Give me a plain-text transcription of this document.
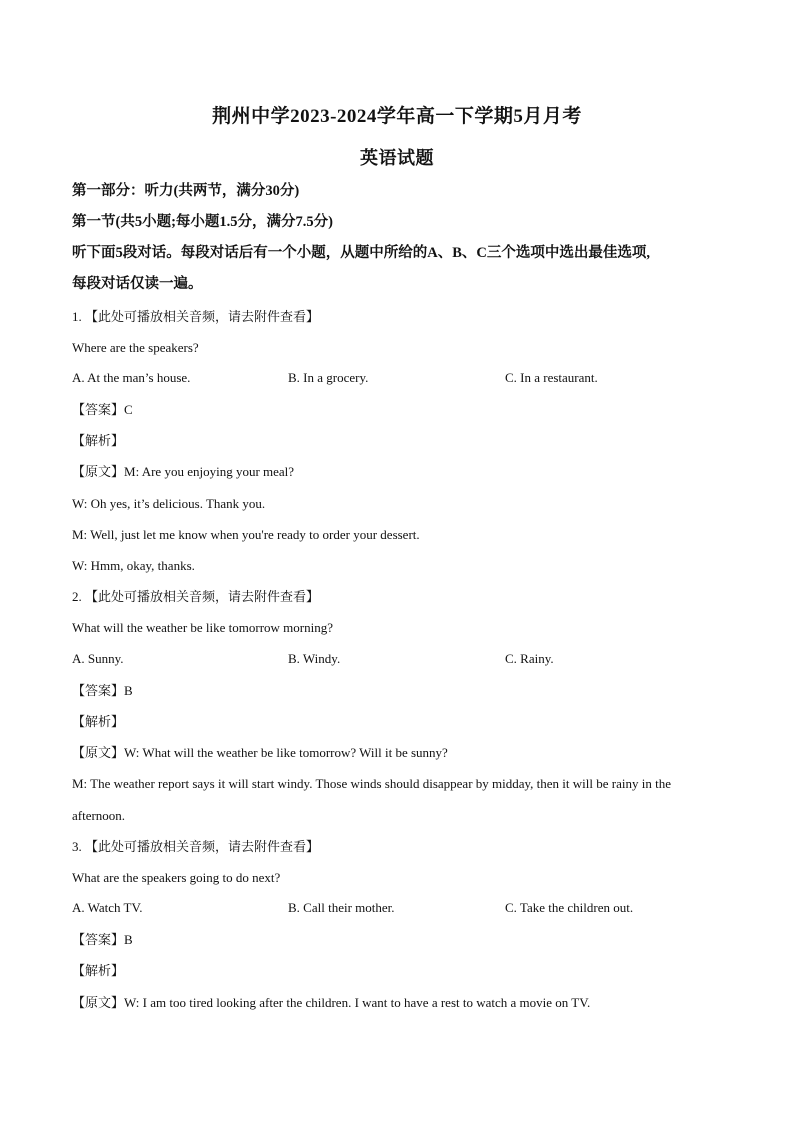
荆州中学2023-2024学年高一下学期5月月考
英语试题
第一部分：听力(共两节，满分30分)
第一节(共5小题;每小题1.5分，满分7.5分)
听下面5段对话。每段对话后有一个小题，从题中所给的A、B、C三个选项中选出最佳选项,
每段对话仅读一遍。
1. 【此处可播放相关音频，请去附件查看】
Where are the speakers?
A. At the man’s house.	B. In a grocery.	C. In a restaurant.
【答案】C
【解析】
【原文】M: Are you enjoying your meal?
W: Oh yes, it’s delicious. Thank you.
M: Well, just let me know when you're ready to order your dessert.
W: Hmm, okay, thanks.
2. 【此处可播放相关音频，请去附件查看】
What will the weather be like tomorrow morning?
A. Sunny.	B. Windy.	C. Rainy.
【答案】B
【解析】
【原文】W: What will the weather be like tomorrow? Will it be sunny?
M: The weather report says it will start windy. Those winds should disappear by midday, then it will be rainy in the
afternoon.
3. 【此处可播放相关音频，请去附件查看】
What are the speakers going to do next?
A. Watch TV.	B. Call their mother.	C. Take the children out.
【答案】B
【解析】
【原文】W: I am too tired looking after the children. I want to have a rest to watch a movie on TV.
